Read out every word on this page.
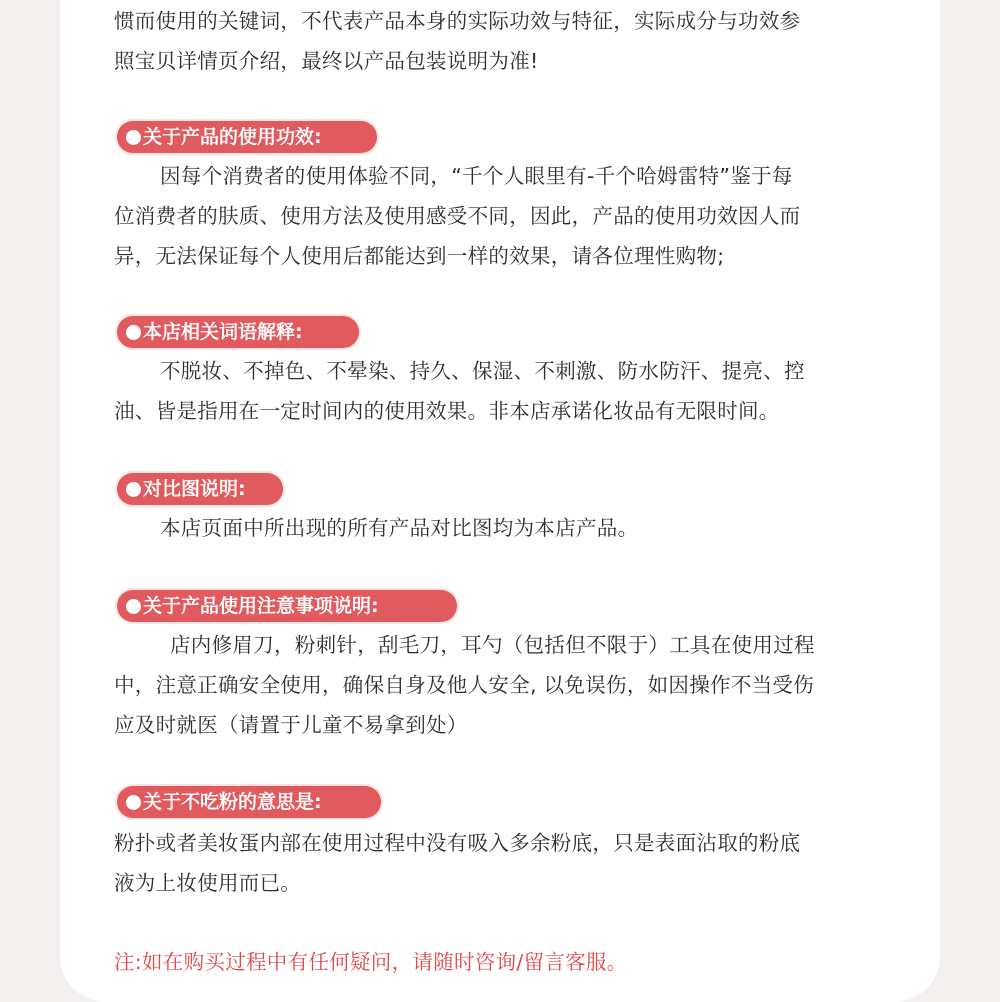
惯而使用的关键词，不代表产品本身的实际功效与特征，实际成分与功效参
照宝贝详情页介绍，最终以产品包装说明为准!
关于产品的使用功效:
因每个消费者的使用体验不同，“千个人眼里有-千个哈姆雷特”鉴于每
位消费者的肤质、使用方法及使用感受不同，因此，产品的使用功效因人而
异，无法保证每个人使用后都能达到一样的效果，请各位理性购物;
本店相关词语解释:
不脱妆、不掉色、不晕染、持久、保湿、不刺激、防水防汗、提亮、控
油、皆是指用在一定时间内的使用效果。非本店承诺化妆品有无限时间。
对比图说明:
本店页面中所出现的所有产品对比图均为本店产品。
关于产品使用注意事项说明:
店内修眉刀，粉刺针，刮毛刀，耳勺（包括但不限于）工具在使用过程
中，注意正确安全使用，确保自身及他人安全, 以免误伤，如因操作不当受伤
应及时就医（请置于儿童不易拿到处）
关于不吃粉的意思是:
粉扑或者美妆蛋内部在使用过程中没有吸入多余粉底，只是表面沾取的粉底
液为上妆使用而已。
注:如在购买过程中有任何疑问，请随时咨询/留言客服。
